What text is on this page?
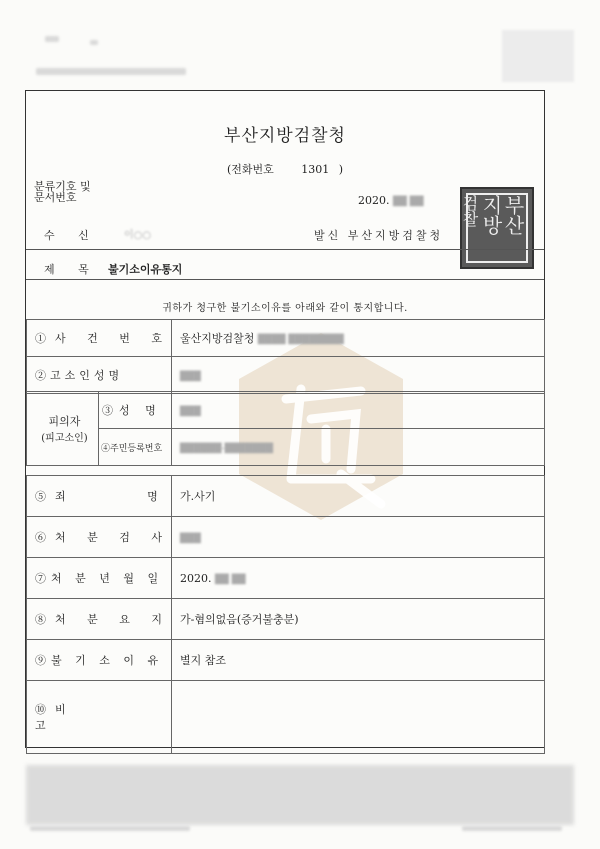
부산지방검찰청
(전화번호	1301 )
분류기호 및
문서번호	2020. ██ ██
수 신	이○○	발신 부산지방검찰청
부산
지방
검찰
제 목 불기소이유통지
귀하가 청구한 불기소이유를 아래와 같이 통지합니다.
①사 건 번 호	울산지방검찰청 ████ ████████
②고소인성명	███
피의자
(피고소인)	③성 명	███
	④주민등록번호	██████-███████
⑤죄 명	가.사기
⑥처 분 검 사	███
⑦처 분 년 월 일	2020. ██ ██
⑧처 분 요 지	가-혐의없음(증거불충분)
⑨불 기 소 이 유	별지 참조
⑩비 고	
